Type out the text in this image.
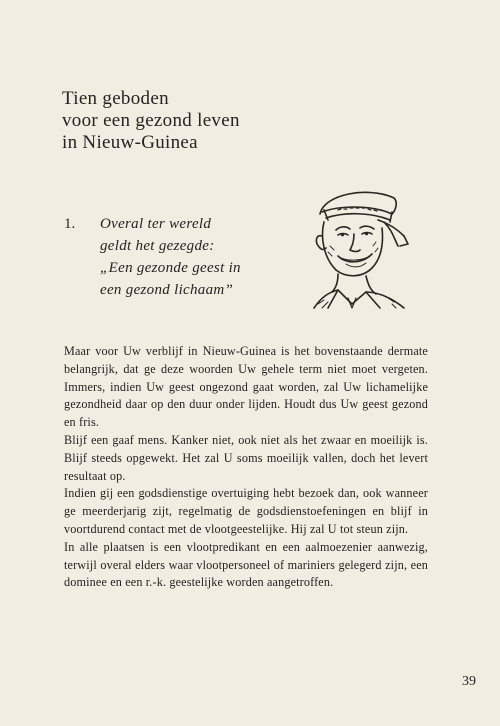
Tien geboden
voor een gezond leven
in Nieuw-Guinea
1. Overal ter wereld
geldt het gezegde:
„Een gezonde geest in
een gezond lichaam”

Maar voor Uw verblijf in Nieuw-Guinea is het bovenstaande dermate belangrijk, dat ge deze woorden Uw gehele term niet moet vergeten. Immers, indien Uw geest ongezond gaat worden, zal Uw lichamelijke gezondheid daar op den duur onder lijden. Houdt dus Uw geest gezond en fris.

Blijf een gaaf mens. Kanker niet, ook niet als het zwaar en moeilijk is. Blijf steeds opgewekt. Het zal U soms moeilijk vallen, doch het levert resultaat op.

Indien gij een godsdienstige overtuiging hebt bezoek dan, ook wanneer ge meerderjarig zijt, regelmatig de godsdienstoefeningen en blijf in voortdurend contact met de vlootgeestelijke. Hij zal U tot steun zijn.

In alle plaatsen is een vlootpredikant en een aalmoezenier aanwezig, terwijl overal elders waar vlootpersoneel of mariniers gelegerd zijn, een dominee en een r.-k. geestelijke worden aangetroffen.

39
